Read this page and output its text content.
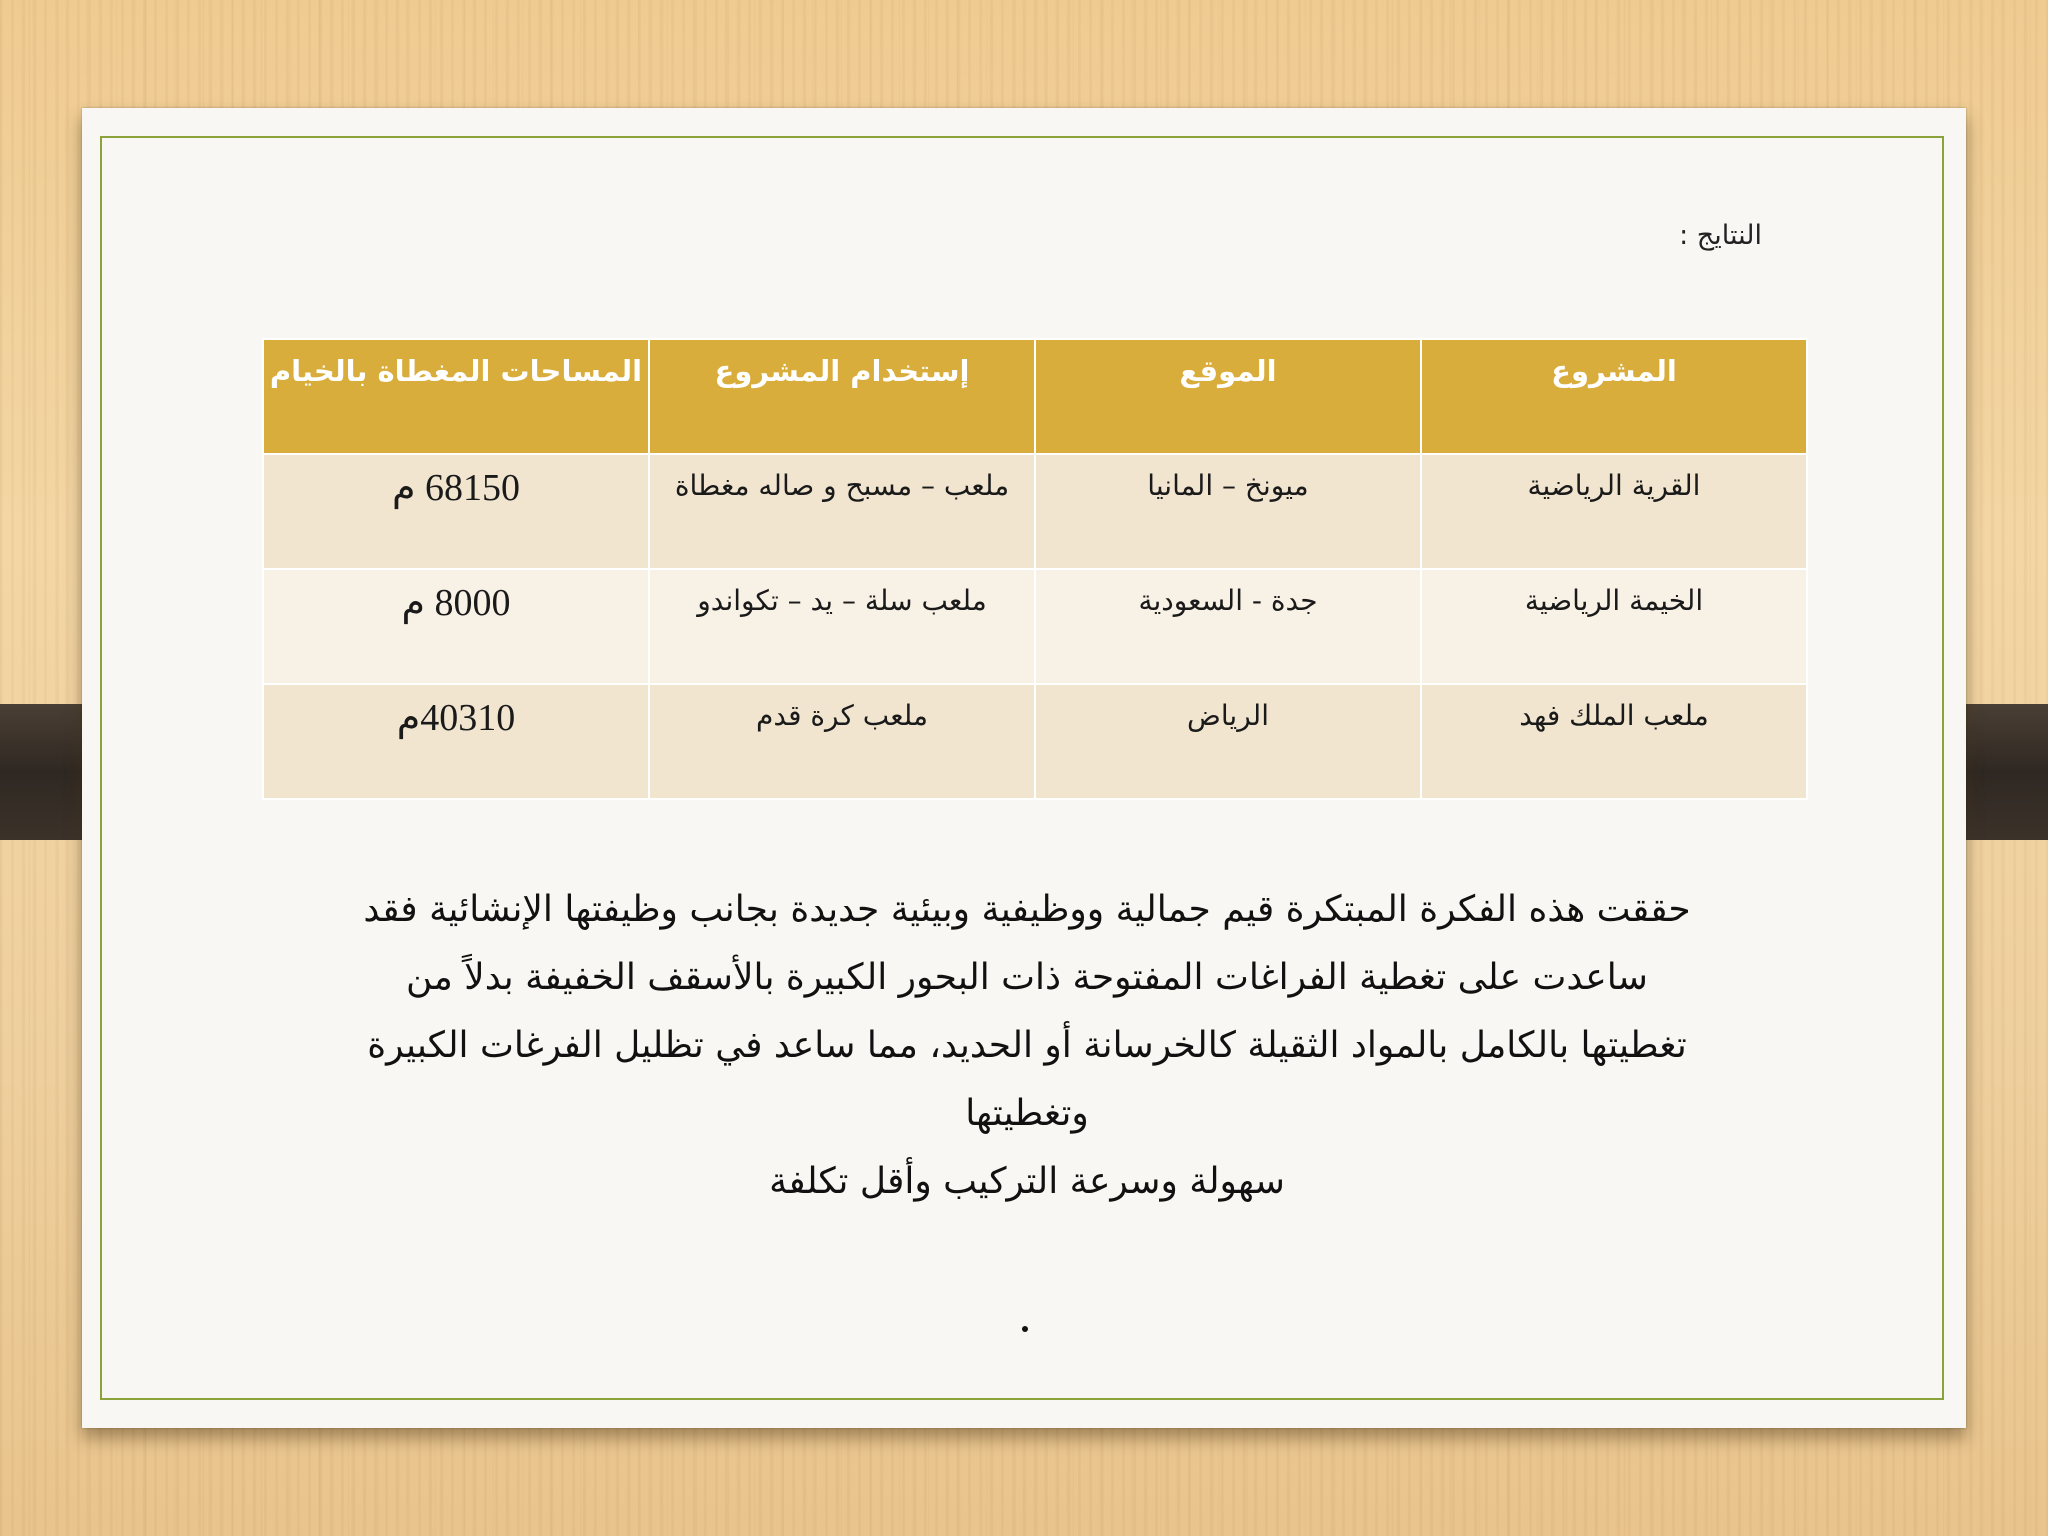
النتايج :
المشروع	الموقع	إستخدام المشروع	المساحات المغطاة بالخيام
القرية الرياضية	ميونخ – المانيا	ملعب – مسبح و صاله مغطاة	68150 م
الخيمة الرياضية	جدة - السعودية	ملعب سلة – يد – تكواندو	8000 م
ملعب الملك فهد	الرياض	ملعب كرة قدم	40310م

حققت هذه الفكرة المبتكرة قيم جمالية ووظيفية وبيئية جديدة بجانب وظيفتها الإنشائية فقد

ساعدت على تغطية الفراغات المفتوحة ذات البحور الكبيرة بالأسقف الخفيفة بدلاً من

تغطيتها بالكامل بالمواد الثقيلة كالخرسانة أو الحديد، مما ساعد في تظليل الفرغات الكبيرة

وتغطيتها

سهولة وسرعة التركيب وأقل تكلفة
